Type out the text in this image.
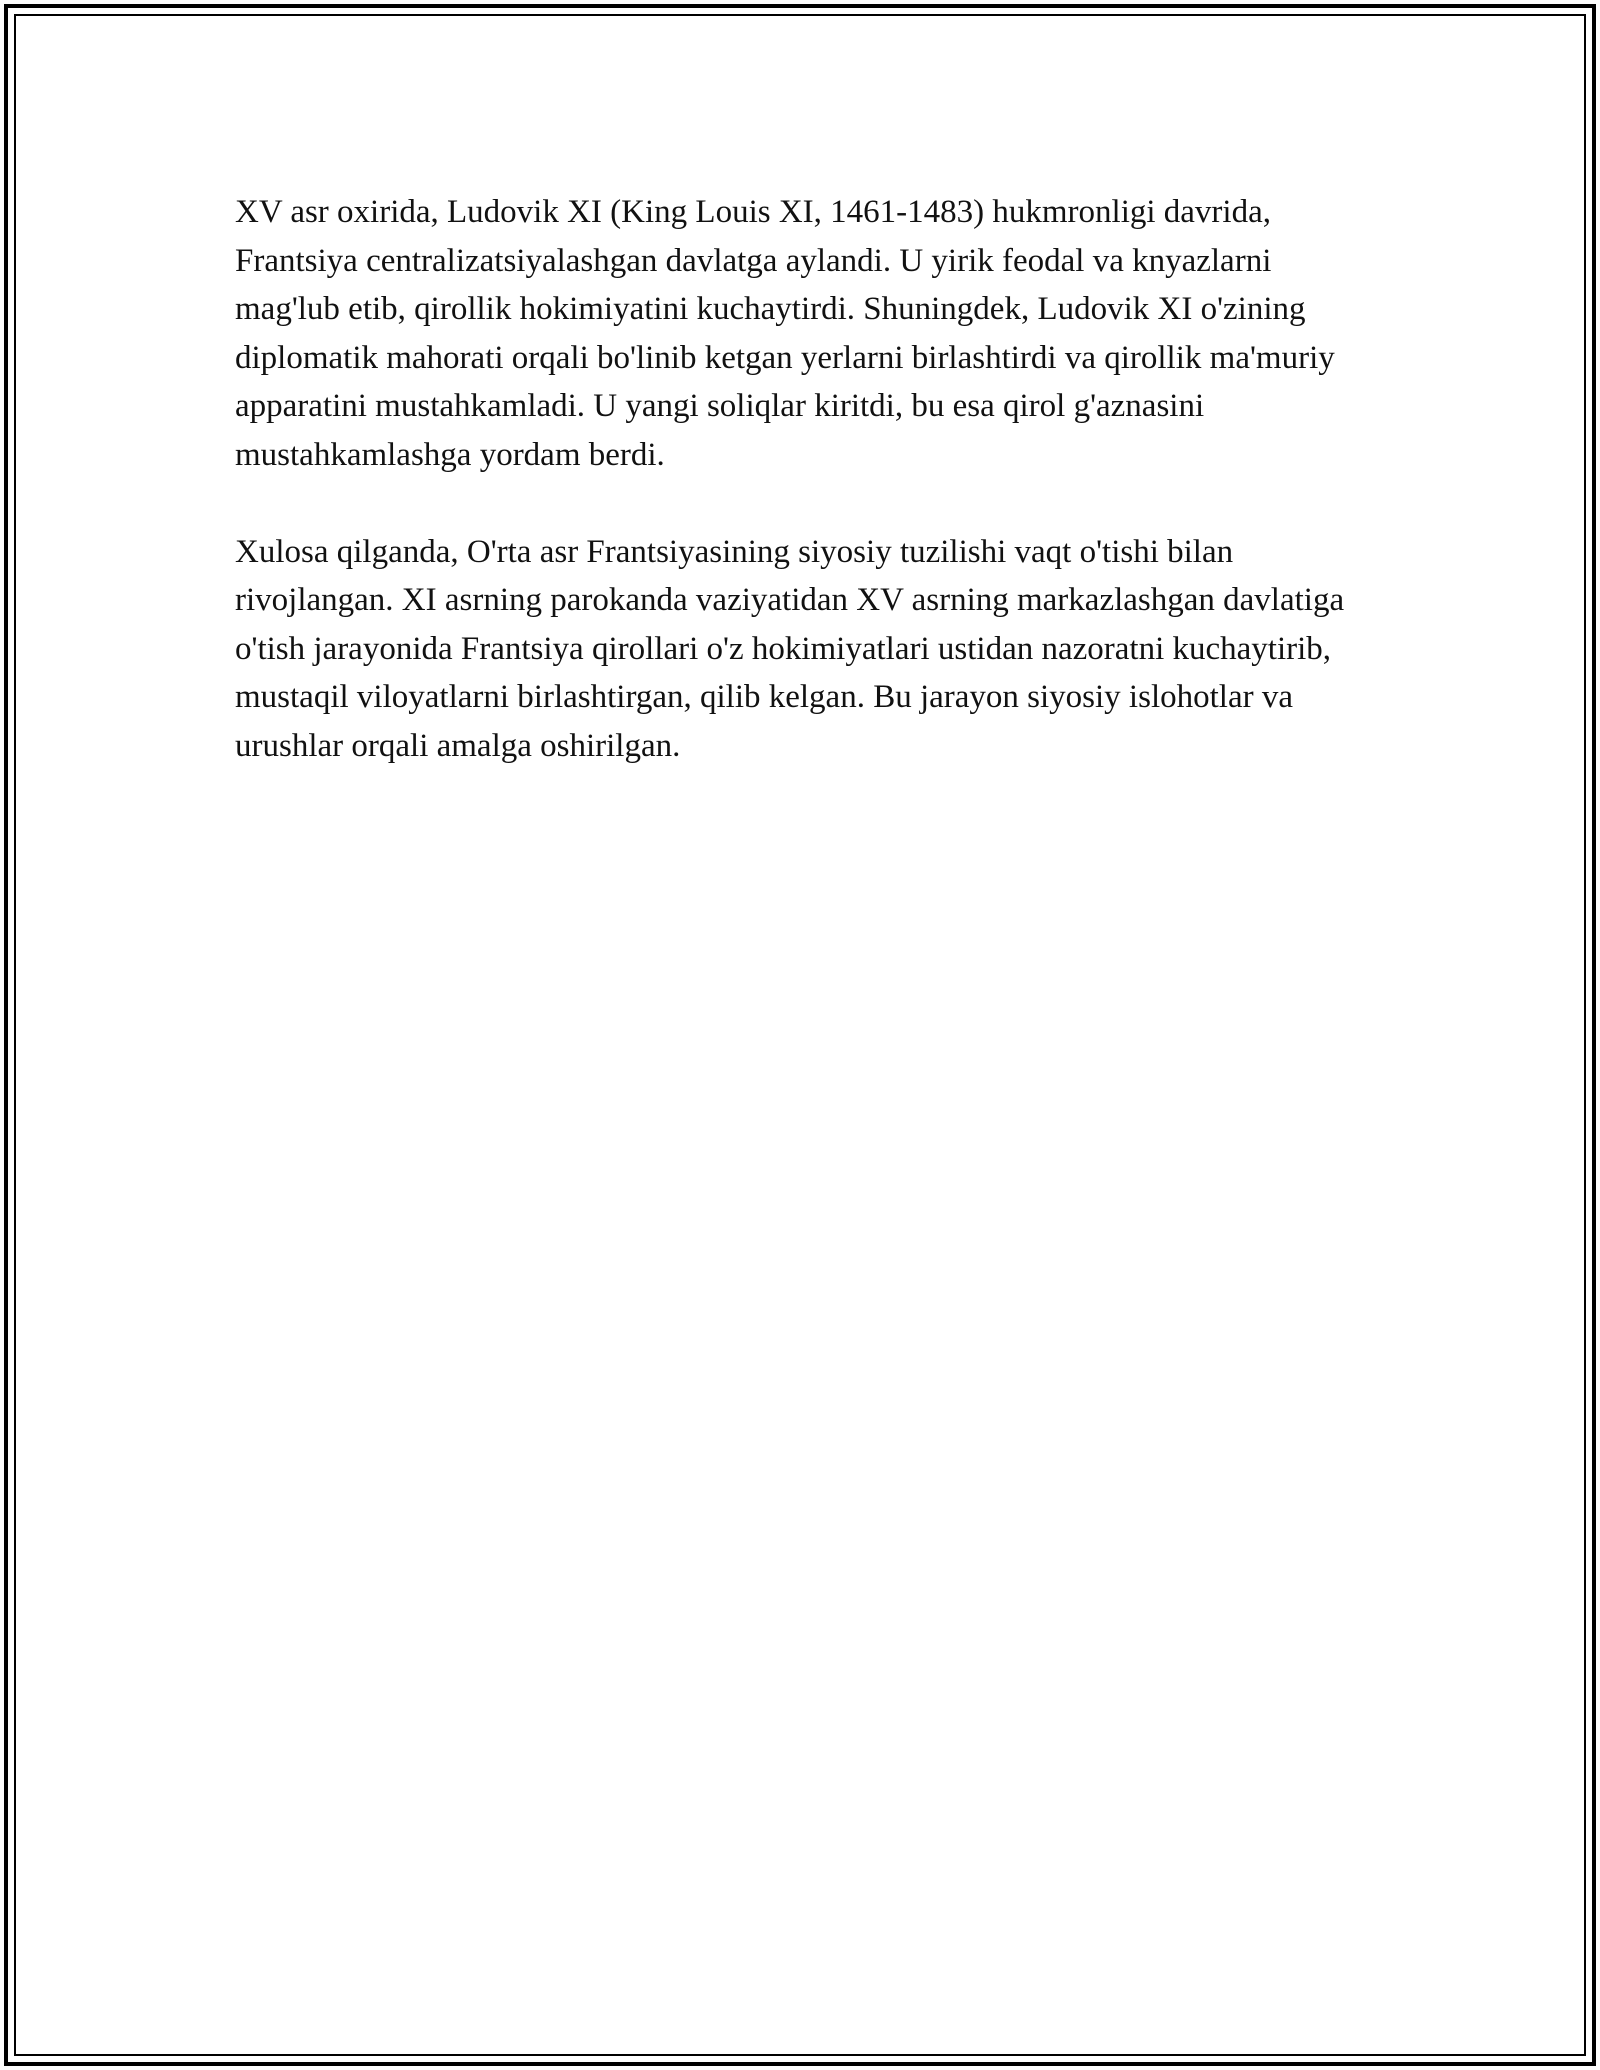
XV asr oxirida, Ludovik XI (King Louis XI, 1461-1483) hukmronligi davrida, Frantsiya centralizatsiyalashgan davlatga aylandi. U yirik feodal va knyazlarni mag'lub etib, qirollik hokimiyatini kuchaytirdi. Shuningdek, Ludovik XI o'zining diplomatik mahorati orqali bo'linib ketgan yerlarni birlashtirdi va qirollik ma'muriy apparatini mustahkamladi. U yangi soliqlar kiritdi, bu esa qirol g'aznasini mustahkamlashga yordam berdi.

Xulosa qilganda, O'rta asr Frantsiyasining siyosiy tuzilishi vaqt o'tishi bilan rivojlangan. XI asrning parokanda vaziyatidan XV asrning markazlashgan davlatiga o'tish jarayonida Frantsiya qirollari o'z hokimiyatlari ustidan nazoratni kuchaytirib, mustaqil viloyatlarni birlashtirgan, qilib kelgan. Bu jarayon siyosiy islohotlar va urushlar orqali amalga oshirilgan.
